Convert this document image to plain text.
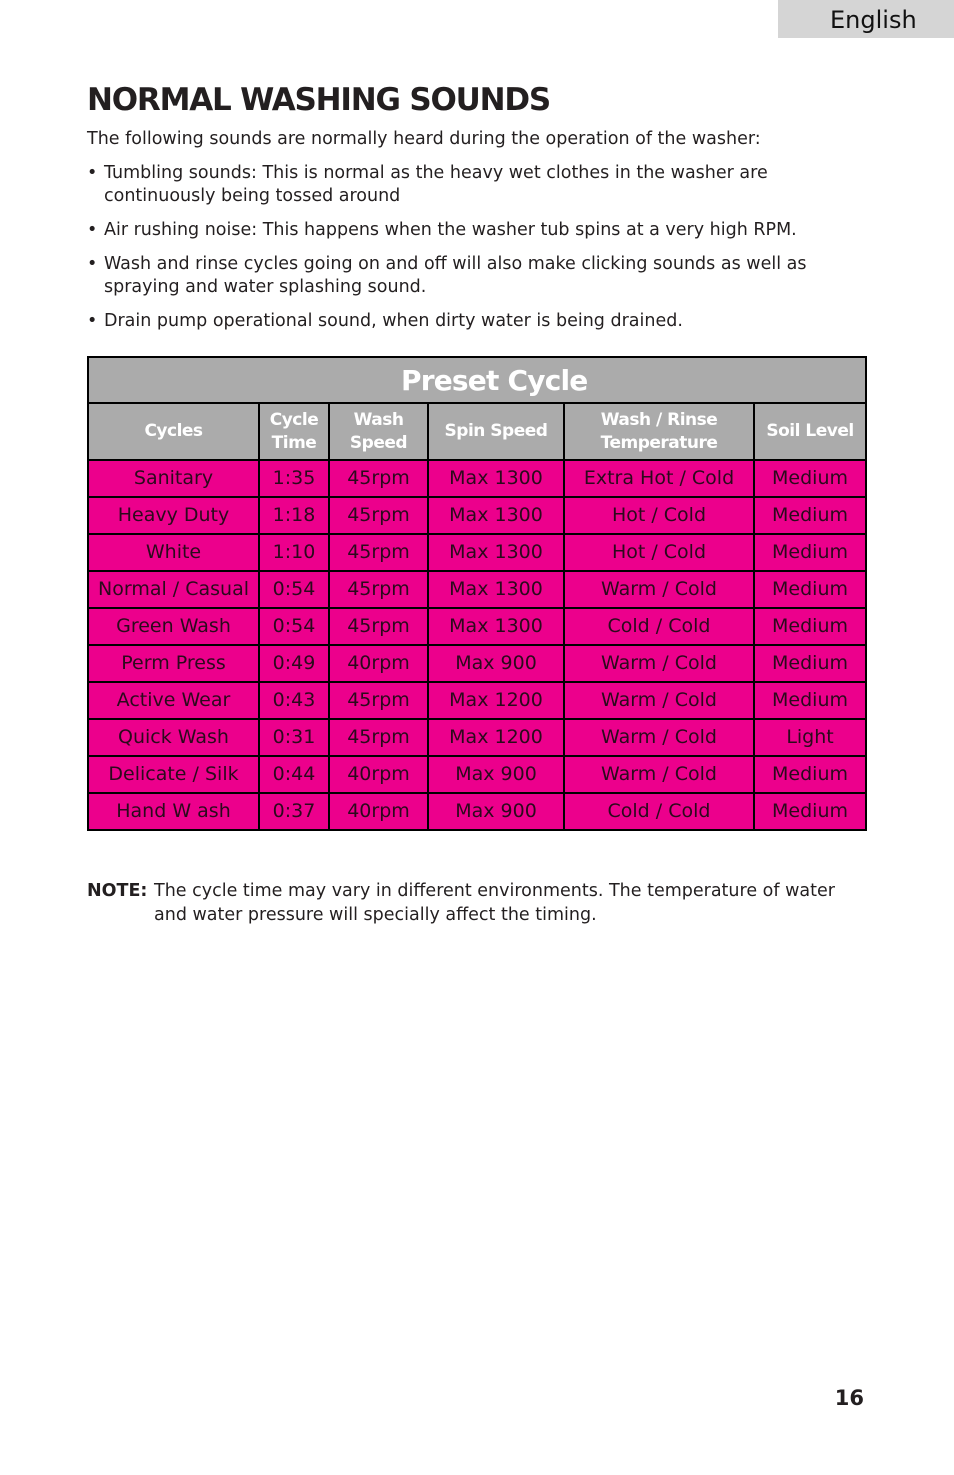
English
NORMAL WASHING SOUNDS

The following sounds are normally heard during the operation of the washer:

• Tumbling sounds: This is normal as the heavy wet clothes in the washer are continuously being tossed around
• Air rushing noise: This happens when the washer tub spins at a very high RPM.
• Wash and rinse cycles going on and off will also make clicking sounds as well as spraying and water splashing sound.
• Drain pump operational sound, when dirty water is being drained.
Preset Cycle					
Cycles	Cycle Time	Wash Speed	Spin Speed	Wash / Rinse Temperature	Soil Level
Sanitary	1:35	45rpm	Max 1300	Extra Hot / Cold	Medium
Heavy Duty	1:18	45rpm	Max 1300	Hot / Cold	Medium
White	1:10	45rpm	Max 1300	Hot / Cold	Medium
Normal / Casual	0:54	45rpm	Max 1300	Warm / Cold	Medium
Green Wash	0:54	45rpm	Max 1300	Cold / Cold	Medium
Perm Press	0:49	40rpm	Max 900	Warm / Cold	Medium
Active Wear	0:43	45rpm	Max 1200	Warm / Cold	Medium
Quick Wash	0:31	45rpm	Max 1200	Warm / Cold	Light
Delicate / Silk	0:44	40rpm	Max 900	Warm / Cold	Medium
Hand W ash	0:37	40rpm	Max 900	Cold / Cold	Medium
NOTE: The cycle time may vary in different environments. The temperature of water and water pressure will specially affect the timing.
16
